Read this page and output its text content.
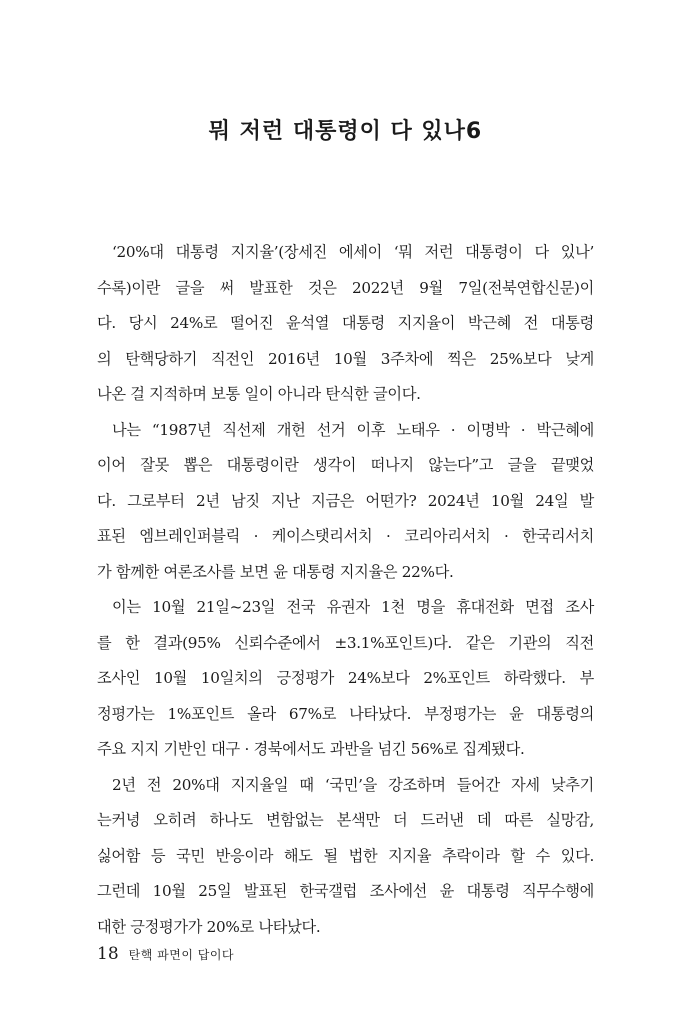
뭐 저런 대통령이 다 있나6
‘20%대 대통령 지지율’(장세진 에세이 ‘뭐 저런 대통령이 다 있나’
수록)이란 글을 써 발표한 것은 2022년 9월 7일(전북연합신문)이
다. 당시 24%로 떨어진 윤석열 대통령 지지율이 박근혜 전 대통령
의 탄핵당하기 직전인 2016년 10월 3주차에 찍은 25%보다 낮게
나온 걸 지적하며 보통 일이 아니라 탄식한 글이다.
나는 “1987년 직선제 개헌 선거 이후 노태우 · 이명박 · 박근혜에
이어 잘못 뽑은 대통령이란 생각이 떠나지 않는다”고 글을 끝맺었
다. 그로부터 2년 남짓 지난 지금은 어떤가? 2024년 10월 24일 발
표된 엠브레인퍼블릭 · 케이스탯리서치 · 코리아리서치 · 한국리서치
가 함께한 여론조사를 보면 윤 대통령 지지율은 22%다.
이는 10월 21일~23일 전국 유권자 1천 명을 휴대전화 면접 조사
를 한 결과(95% 신뢰수준에서 ±3.1%포인트)다. 같은 기관의 직전
조사인 10월 10일치의 긍정평가 24%보다 2%포인트 하락했다. 부
정평가는 1%포인트 올라 67%로 나타났다. 부정평가는 윤 대통령의
주요 지지 기반인 대구 · 경북에서도 과반을 넘긴 56%로 집계됐다.
2년 전 20%대 지지율일 때 ‘국민’을 강조하며 들어간 자세 낮추기
는커녕 오히려 하나도 변함없는 본색만 더 드러낸 데 따른 실망감,
싫어함 등 국민 반응이라 해도 될 법한 지지율 추락이라 할 수 있다.
그런데 10월 25일 발표된 한국갤럽 조사에선 윤 대통령 직무수행에
대한 긍정평가가 20%로 나타났다.
18 탄핵 파면이 답이다
